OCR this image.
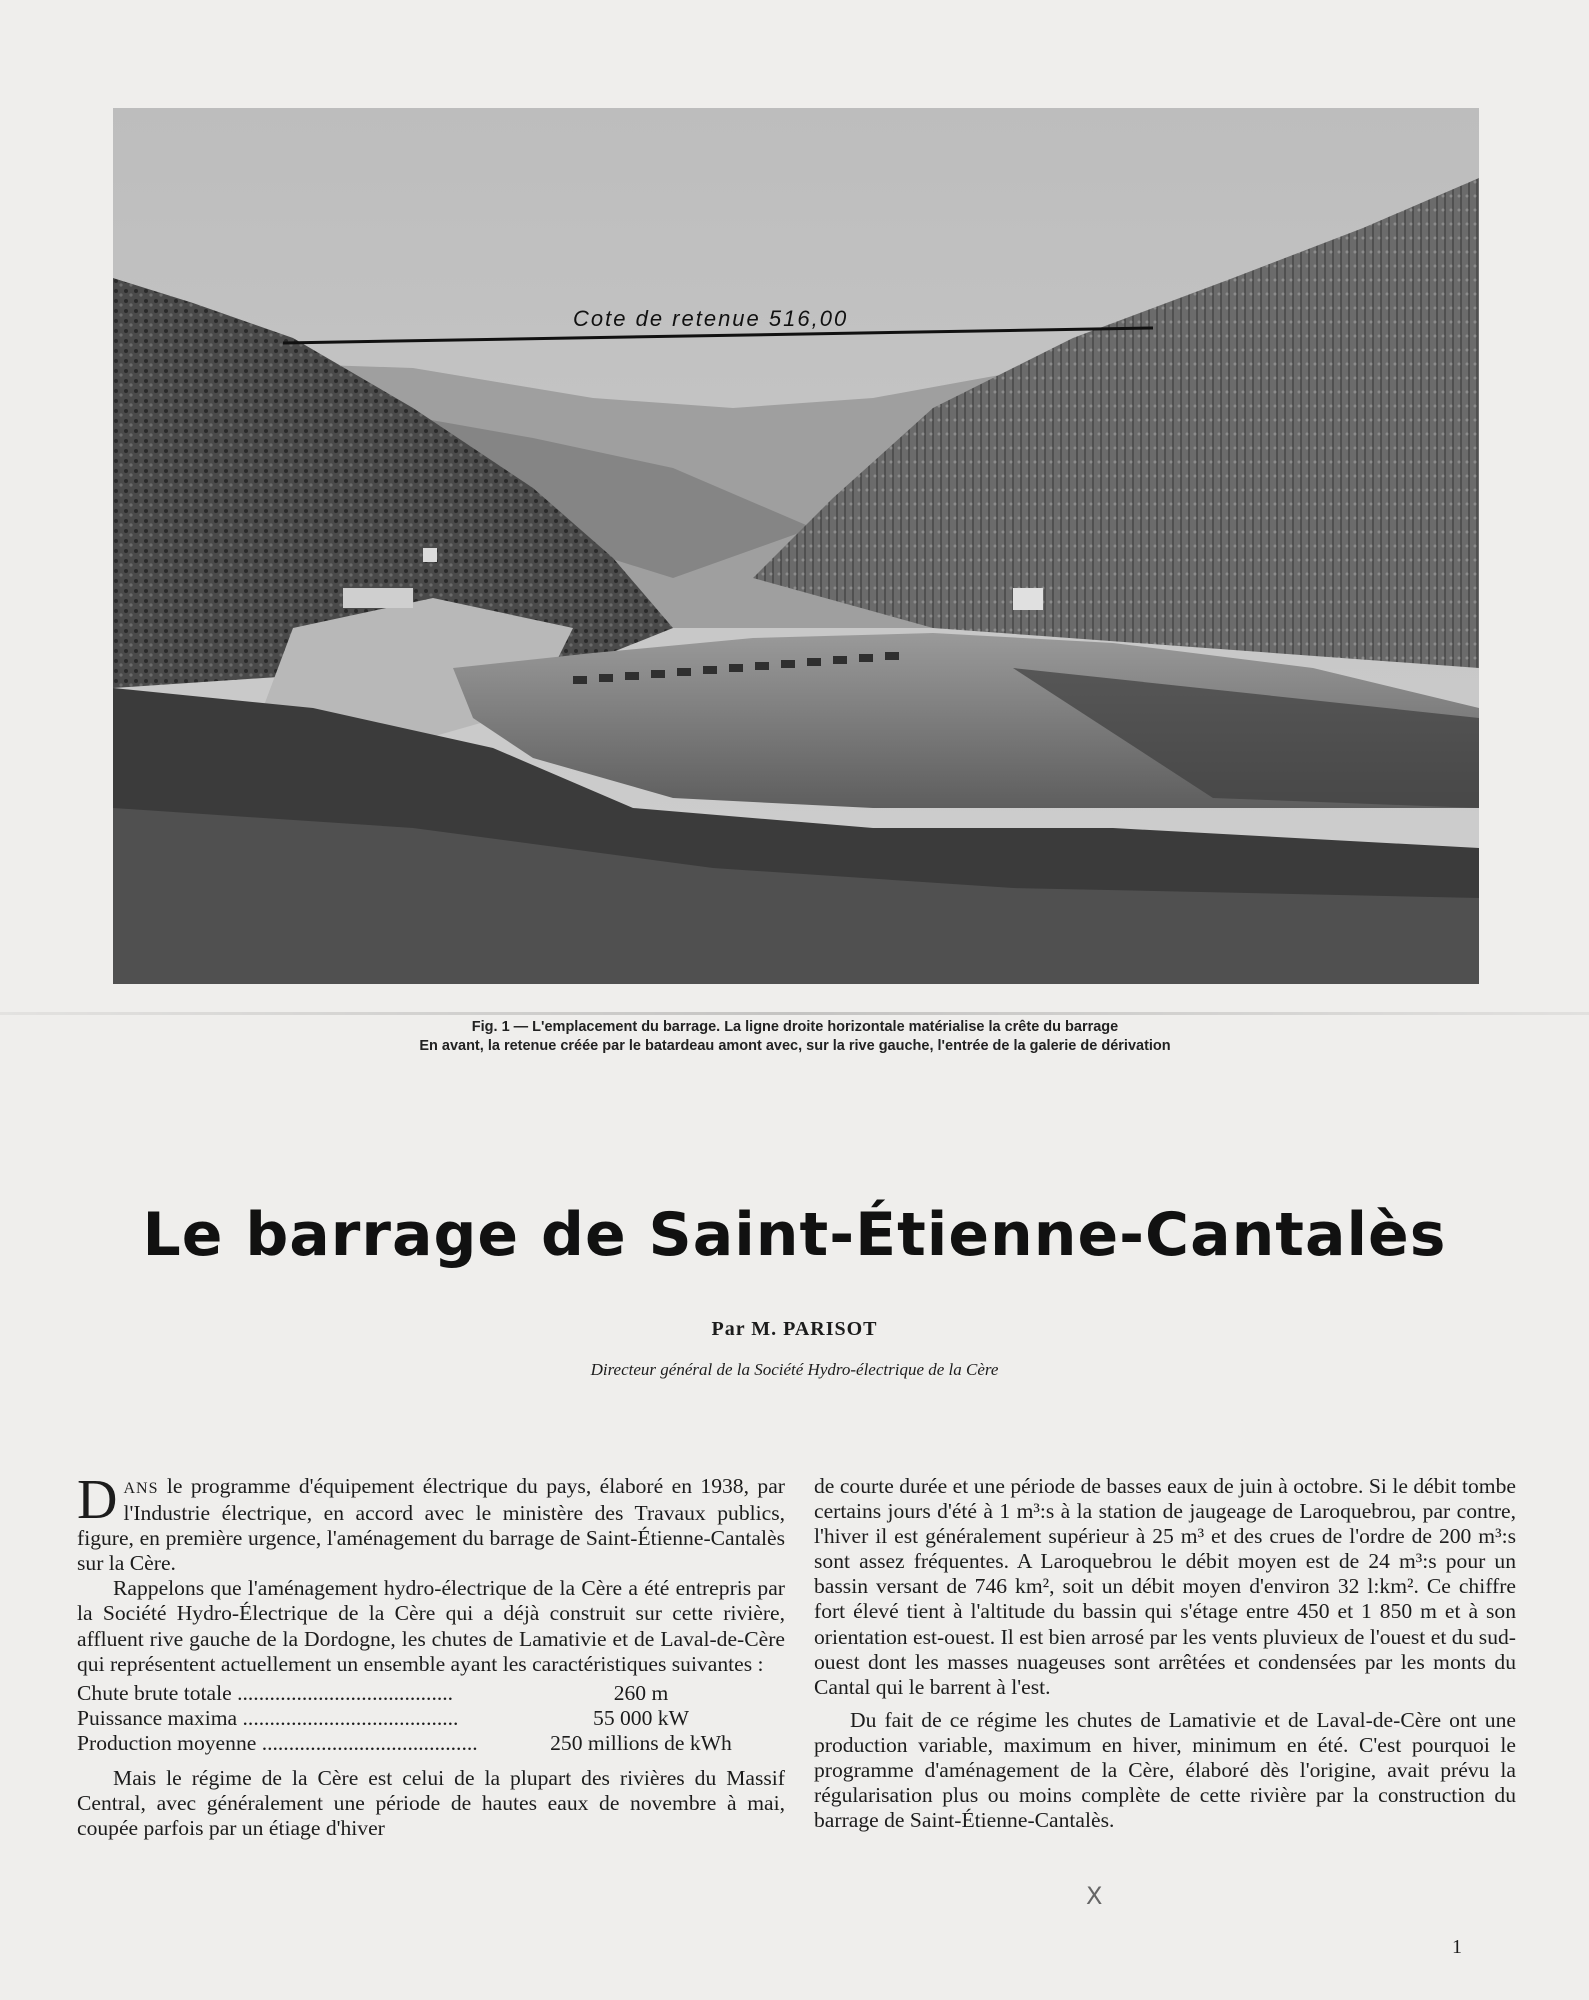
Cote de retenue 516,00
Fig. 1 — L'emplacement du barrage. La ligne droite horizontale matérialise la crête du barrage
En avant, la retenue créée par le batardeau amont avec, sur la rive gauche, l'entrée de la galerie de dérivation
Le barrage de Saint-Étienne-Cantalès
Par M. PARISOT
Directeur général de la Société Hydro-électrique de la Cère

DANS le programme d'équipement électrique du pays, élaboré en 1938, par l'Industrie électrique, en accord avec le ministère des Travaux publics, figure, en première urgence, l'aménagement du barrage de Saint-Étienne-Cantalès sur la Cère.

Rappelons que l'aménagement hydro-électrique de la Cère a été entrepris par la Société Hydro-Électrique de la Cère qui a déjà construit sur cette rivière, affluent rive gauche de la Dordogne, les chutes de Lamativie et de Laval-de-Cère qui représentent actuellement un ensemble ayant les caractéristiques suivantes :

Chute brute totale ........................................	260 m
Puissance maxima ........................................	55 000 kW
Production moyenne ........................................	250 millions de kWh

Mais le régime de la Cère est celui de la plupart des rivières du Massif Central, avec généralement une période de hautes eaux de novembre à mai, coupée parfois par un étiage d'hiver

de courte durée et une période de basses eaux de juin à octobre. Si le débit tombe certains jours d'été à 1 m³:s à la station de jaugeage de Laroquebrou, par contre, l'hiver il est généralement supérieur à 25 m³ et des crues de l'ordre de 200 m³:s sont assez fréquentes. A Laroquebrou le débit moyen est de 24 m³:s pour un bassin versant de 746 km², soit un débit moyen d'environ 32 l:km². Ce chiffre fort élevé tient à l'altitude du bassin qui s'étage entre 450 et 1 850 m et à son orientation est-ouest. Il est bien arrosé par les vents pluvieux de l'ouest et du sud-ouest dont les masses nuageuses sont arrêtées et condensées par les monts du Cantal qui le barrent à l'est.

Du fait de ce régime les chutes de Lamativie et de Laval-de-Cère ont une production variable, maximum en hiver, minimum en été. C'est pourquoi le programme d'aménagement de la Cère, élaboré dès l'origine, avait prévu la régularisation plus ou moins complète de cette rivière par la construction du barrage de Saint-Étienne-Cantalès.

X
1
